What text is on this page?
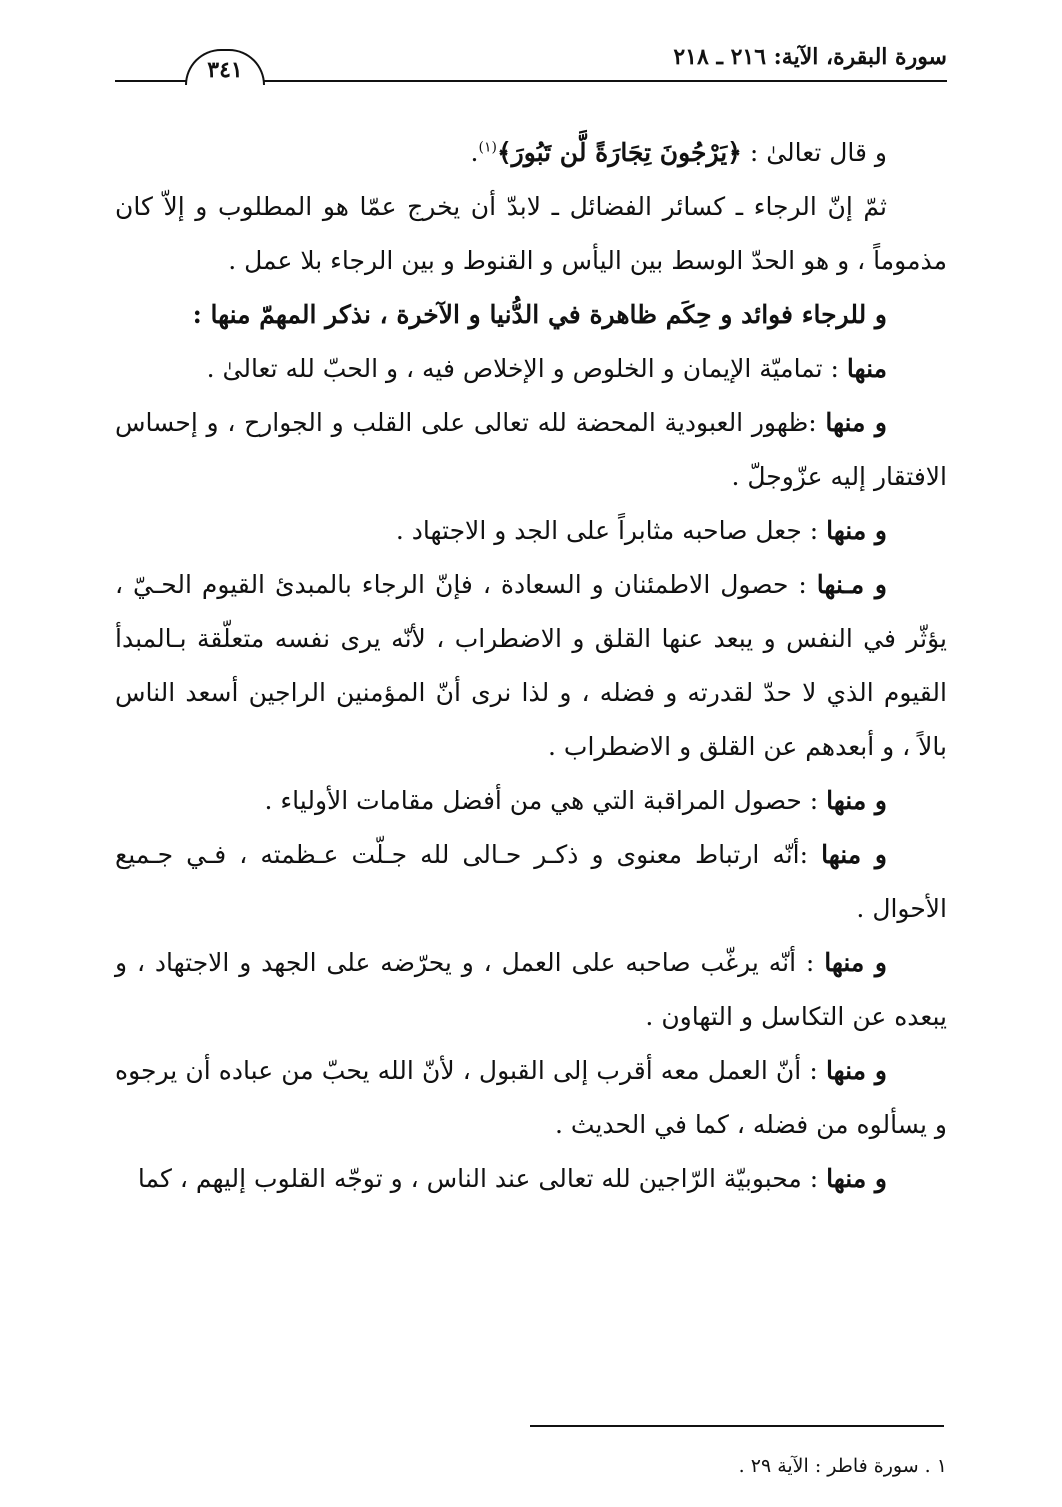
سورة البقرة، الآية: ٢١٦ ـ ٢١٨
٣٤١

و قال تعالیٰ : ﴿يَرْجُونَ تِجَارَةً لَّن تَبُورَ﴾$^{(١)}$.

ثمّ إنّ الرجاء ـ كسائر الفضائل ـ لابدّ أن يخرج عمّا هو المطلوب و إلاّ كان مذموماً ، و هو الحدّ الوسط بين اليأس و القنوط و بين الرجاء بلا عمل .

و للرجاء فوائد و حِكَم ظاهرة في الدُّنيا و الآخرة ، نذكر المهمّ منها :

منها : تماميّة الإيمان و الخلوص و الإخلاص فيه ، و الحبّ لله تعالیٰ .

و منها :ظهور العبودية المحضة لله تعالى على القلب و الجوارح ، و إحساس الافتقار إليه عزّوجلّ .

و منها : جعل صاحبه مثابراً على الجد و الاجتهاد .

و مـنها : حصول الاطمئنان و السعادة ، فإنّ الرجاء بالمبدئ القيوم الحـيّ ، يؤثّر في النفس و يبعد عنها القلق و الاضطراب ، لأنّه يرى نفسه متعلّقة بـالمبدأ القيوم الذي لا حدّ لقدرته و فضله ، و لذا نرى أنّ المؤمنين الراجين أسعد الناس بالاً ، و أبعدهم عن القلق و الاضطراب .

و منها : حصول المراقبة التي هي من أفضل مقامات الأولياء .

و منها :أنّه ارتباط معنوى و ذكـر حـالى لله جـلّت عـظمته ، فـي جـميع الأحوال .

و منها : أنّه يرغّب صاحبه على العمل ، و يحرّضه على الجهد و الاجتهاد ، و يبعده عن التكاسل و التهاون .

و منها : أنّ العمل معه أقرب إلى القبول ، لأنّ الله يحبّ من عباده أن يرجوه و يسألوه من فضله ، كما في الحديث .

و منها : محبوبيّة الرّاجين لله تعالى عند الناس ، و توجّه القلوب إليهم ، كما

١ . سورة فاطر : الآية ٢٩ .
